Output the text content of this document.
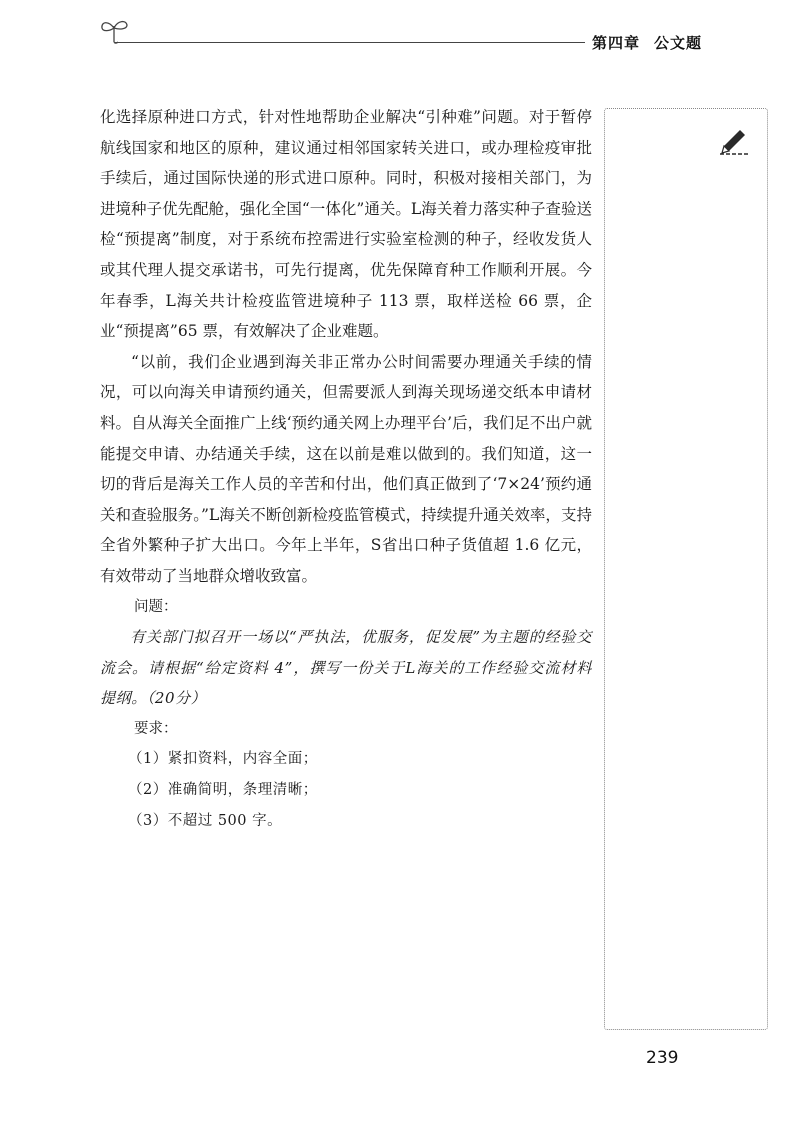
第四章 公文题

化选择原种进口方式，针对性地帮助企业解决“引种难”问题。对于暂停航线国家和地区的原种，建议通过相邻国家转关进口，或办理检疫审批手续后，通过国际快递的形式进口原种。同时，积极对接相关部门，为进境种子优先配舱，强化全国“一体化”通关。L海关着力落实种子查验送检“预提离”制度，对于系统布控需进行实验室检测的种子，经收发货人或其代理人提交承诺书，可先行提离，优先保障育种工作顺利开展。今年春季，L海关共计检疫监管进境种子 113 票，取样送检 66 票，企业“预提离”65 票，有效解决了企业难题。

“以前，我们企业遇到海关非正常办公时间需要办理通关手续的情况，可以向海关申请预约通关，但需要派人到海关现场递交纸本申请材料。自从海关全面推广上线‘预约通关网上办理平台’后，我们足不出户就能提交申请、办结通关手续，这在以前是难以做到的。我们知道，这一切的背后是海关工作人员的辛苦和付出，他们真正做到了‘7×24’预约通关和查验服务。”L海关不断创新检疫监管模式，持续提升通关效率，支持全省外繁种子扩大出口。今年上半年，S省出口种子货值超 1.6 亿元，有效带动了当地群众增收致富。

问题：

有关部门拟召开一场以“严执法，优服务，促发展”为主题的经验交流会。请根据“给定资料 4”，撰写一份关于L海关的工作经验交流材料提纲。（20分）

要求：

（1）紧扣资料，内容全面；

（2）准确简明，条理清晰；

（3）不超过 500 字。

239
